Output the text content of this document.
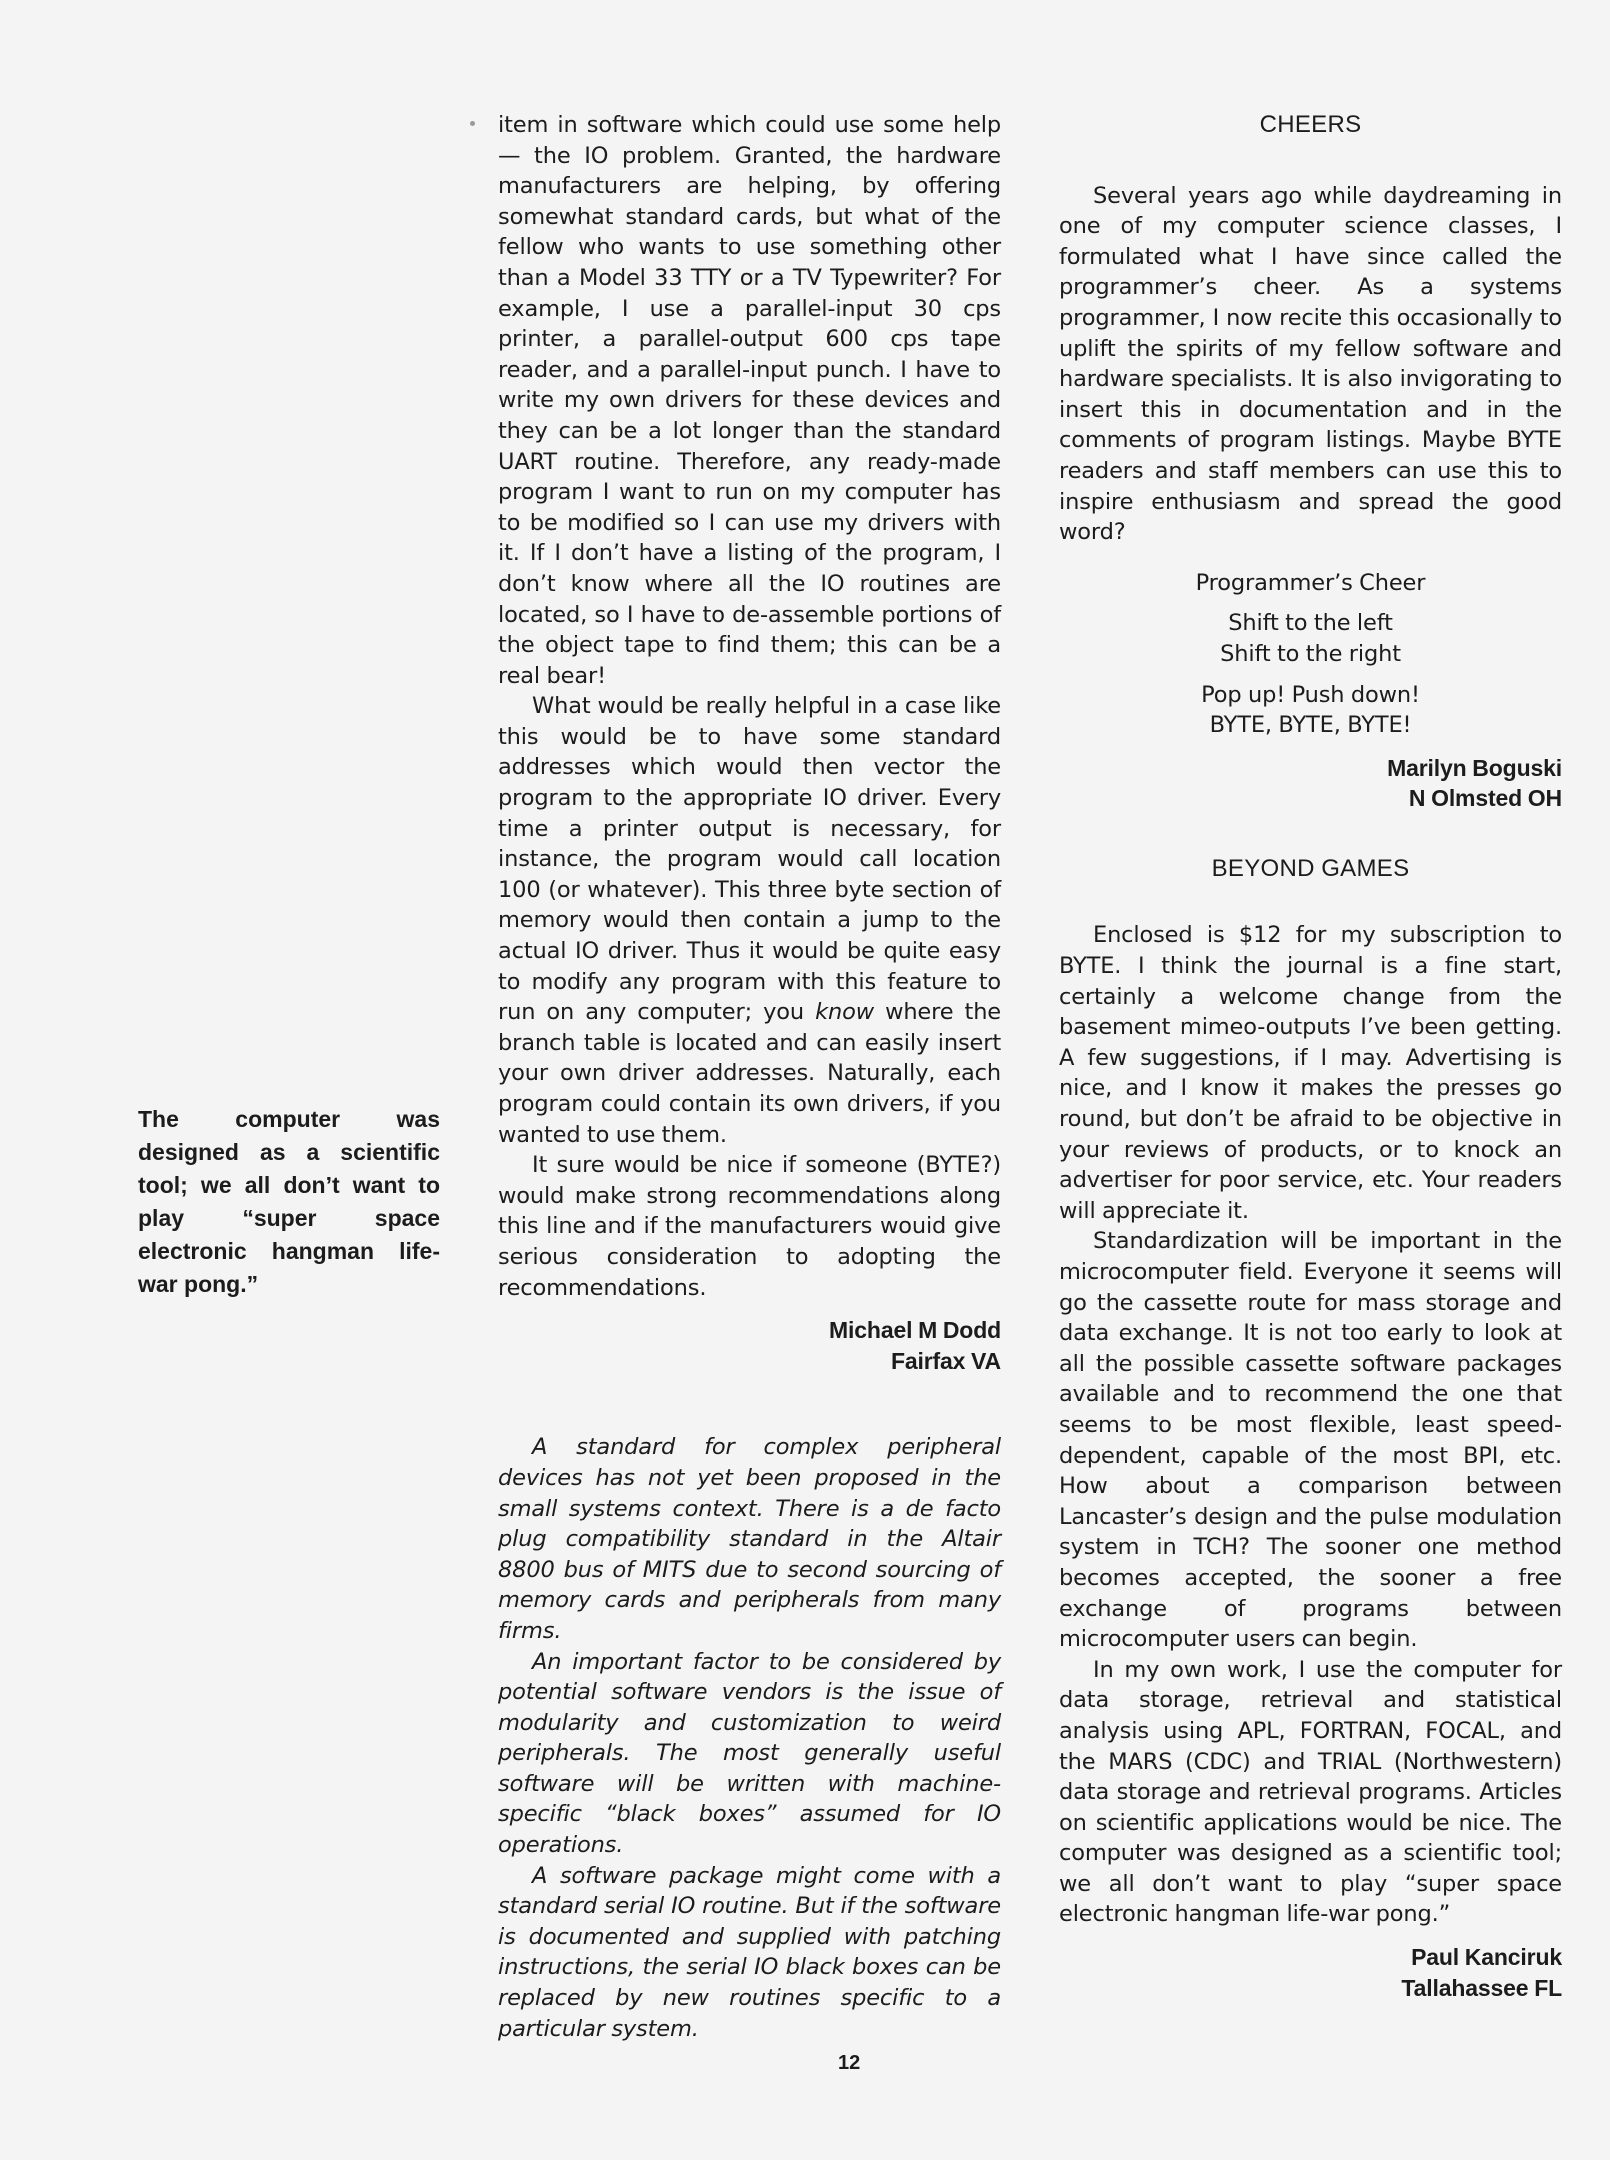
The computer was designed as a scientific tool; we all don’t want to play “super space electronic hangman life-war pong.”

item in software which could use some help — the IO problem. Granted, the hardware manufacturers are helping, by offering somewhat standard cards, but what of the fellow who wants to use something other than a Model 33 TTY or a TV Typewriter? For example, I use a parallel-input 30 cps printer, a parallel-output 600 cps tape reader, and a parallel-input punch. I have to write my own drivers for these devices and they can be a lot longer than the standard UART routine. Therefore, any ready-made program I want to run on my computer has to be modified so I can use my drivers with it. If I don’t have a listing of the program, I don’t know where all the IO routines are located, so I have to de-assemble portions of the object tape to find them; this can be a real bear!

What would be really helpful in a case like this would be to have some standard addresses which would then vector the program to the appropriate IO driver. Every time a printer output is necessary, for instance, the program would call location 100 (or whatever). This three byte section of memory would then contain a jump to the actual IO driver. Thus it would be quite easy to modify any program with this feature to run on any computer; you know where the branch table is located and can easily insert your own driver addresses. Naturally, each program could contain its own drivers, if you wanted to use them.

It sure would be nice if someone (BYTE?) would make strong recommendations along this line and if the manufacturers wouid give serious consideration to adopting the recommendations.

Michael M Dodd

Fairfax VA

A standard for complex peripheral devices has not yet been proposed in the small systems context. There is a de facto plug compatibility standard in the Altair 8800 bus of MITS due to second sourcing of memory cards and peripherals from many firms.

An important factor to be considered by potential software vendors is the issue of modularity and customization to weird peripherals. The most generally useful software will be written with machine-specific “black boxes” assumed for IO operations.

A software package might come with a standard serial IO routine. But if the software is documented and supplied with patching instructions, the serial IO black boxes can be replaced by new routines specific to a particular system.

CHEERS

Several years ago while daydreaming in one of my computer science classes, I formulated what I have since called the programmer’s cheer. As a systems programmer, I now recite this occasionally to uplift the spirits of my fellow software and hardware specialists. It is also invigorating to insert this in documentation and in the comments of program listings. Maybe BYTE readers and staff members can use this to inspire enthusiasm and spread the good word?

Programmer’s Cheer
Shift to the left
Shift to the right
Pop up! Push down!
BYTE, BYTE, BYTE!

Marilyn Boguski

N Olmsted OH

BEYOND GAMES

Enclosed is $12 for my subscription to BYTE. I think the journal is a fine start, certainly a welcome change from the basement mimeo-outputs I’ve been getting. A few suggestions, if I may. Advertising is nice, and I know it makes the presses go round, but don’t be afraid to be objective in your reviews of products, or to knock an advertiser for poor service, etc. Your readers will appreciate it.

Standardization will be important in the microcomputer field. Everyone it seems will go the cassette route for mass storage and data exchange. It is not too early to look at all the possible cassette software packages available and to recommend the one that seems to be most flexible, least speed-dependent, capable of the most BPI, etc. How about a comparison between Lancaster’s design and the pulse modulation system in TCH? The sooner one method becomes accepted, the sooner a free exchange of programs between microcomputer users can begin.

In my own work, I use the computer for data storage, retrieval and statistical analysis using APL, FORTRAN, FOCAL, and the MARS (CDC) and TRIAL (Northwestern) data storage and retrieval programs. Articles on scientific applications would be nice. The computer was designed as a scientific tool; we all don’t want to play “super space electronic hangman life-war pong.”

Paul Kanciruk

Tallahassee FL

12
